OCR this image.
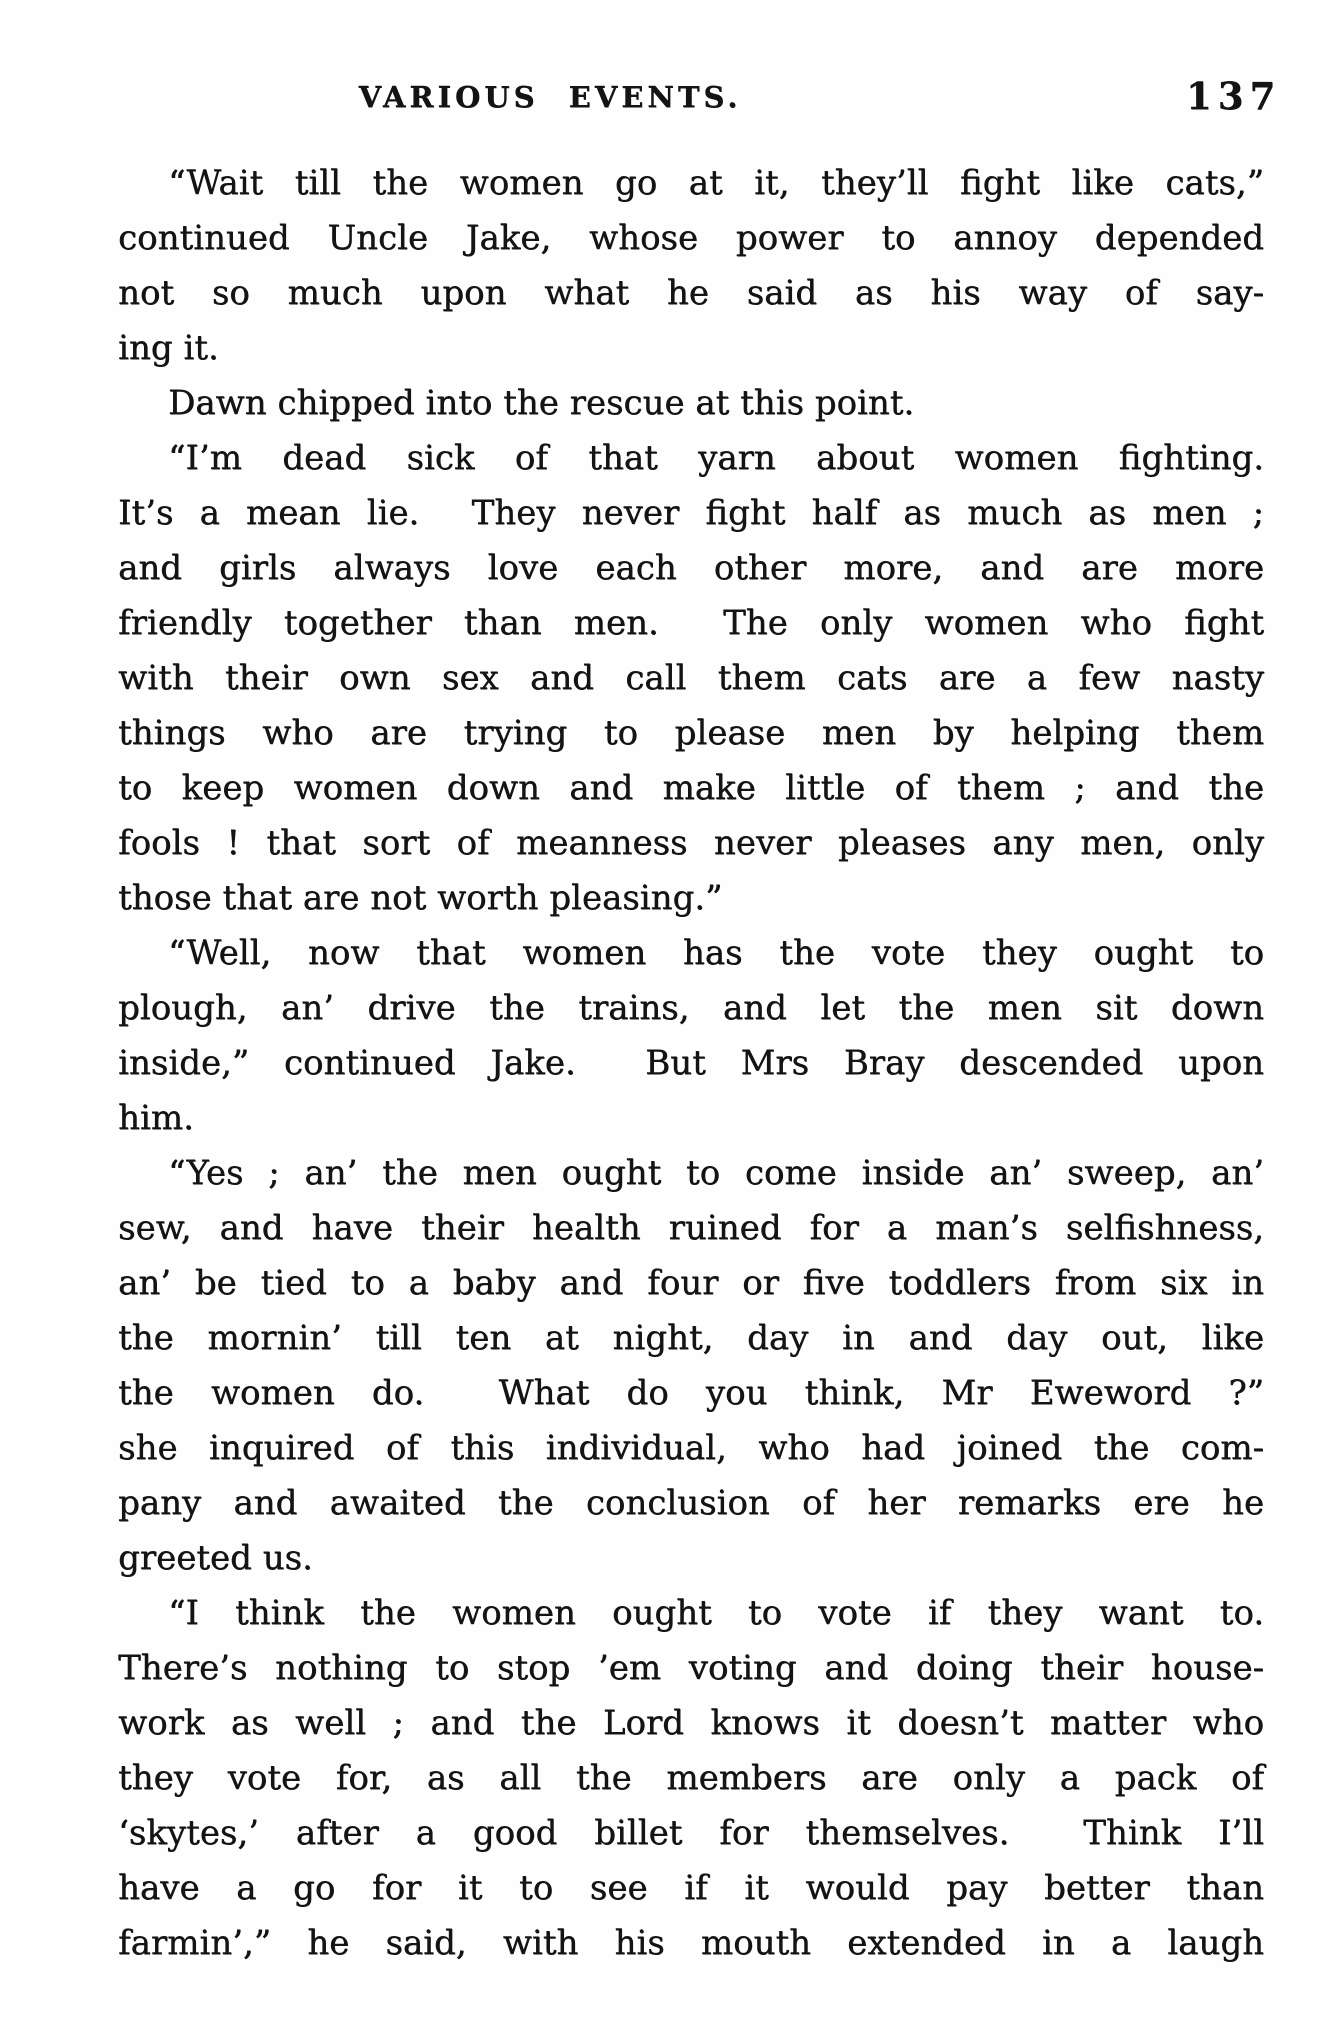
VARIOUS EVENTS.	137
“Wait till the women go at it, they’ll fight like cats,”
continued Uncle Jake, whose power to annoy depended
not so much upon what he said as his way of say-
ing it.
Dawn chipped into the rescue at this point.
“I’m dead sick of that yarn about women fighting.
It’s a mean lie.  They never fight half as much as men ;
and girls always love each other more, and are more
friendly together than men.  The only women who fight
with their own sex and call them cats are a few nasty
things who are trying to please men by helping them
to keep women down and make little of them ; and the
fools ! that sort of meanness never pleases any men, only
those that are not worth pleasing.”
“Well, now that women has the vote they ought to
plough, an’ drive the trains, and let the men sit down
inside,” continued Jake.  But Mrs Bray descended upon
him.
“Yes ; an’ the men ought to come inside an’ sweep, an’
sew, and have their health ruined for a man’s selfishness,
an’ be tied to a baby and four or five toddlers from six in
the mornin’ till ten at night, day in and day out, like
the women do.  What do you think, Mr Eweword ?”
she inquired of this individual, who had joined the com-
pany and awaited the conclusion of her remarks ere he
greeted us.
“I think the women ought to vote if they want to.
There’s nothing to stop ’em voting and doing their house-
work as well ; and the Lord knows it doesn’t matter who
they vote for, as all the members are only a pack of
‘skytes,’ after a good billet for themselves.  Think I’ll
have a go for it to see if it would pay better than
farmin’,” he said, with his mouth extended in a laugh
